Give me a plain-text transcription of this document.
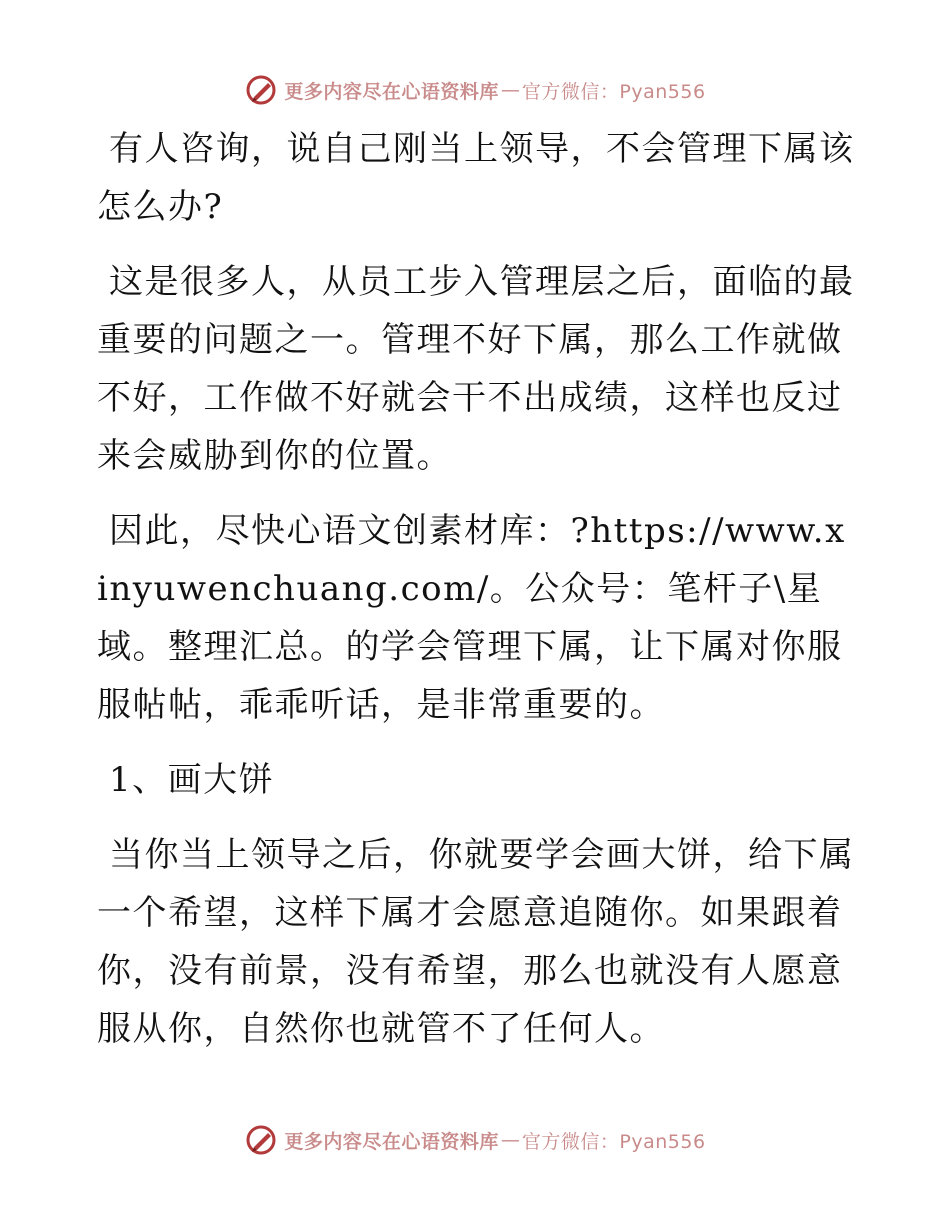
更多内容尽在心语资料库 — 官方微信：Pyan556

有人咨询，说自己刚当上领导，不会管理下属该怎么办?

这是很多人，从员工步入管理层之后，面临的最重要的问题之一。管理不好下属，那么工作就做不好，工作做不好就会干不出成绩，这样也反过来会威胁到你的位置。

因此，尽快心语文创素材库：?https://www.xinyuwenchuang.com/。公众号：笔杆子\星域。整理汇总。的学会管理下属，让下属对你服服帖帖，乖乖听话，是非常重要的。

1、画大饼

当你当上领导之后，你就要学会画大饼，给下属一个希望，这样下属才会愿意追随你。如果跟着你，没有前景，没有希望，那么也就没有人愿意服从你，自然你也就管不了任何人。

更多内容尽在心语资料库 — 官方微信：Pyan556
